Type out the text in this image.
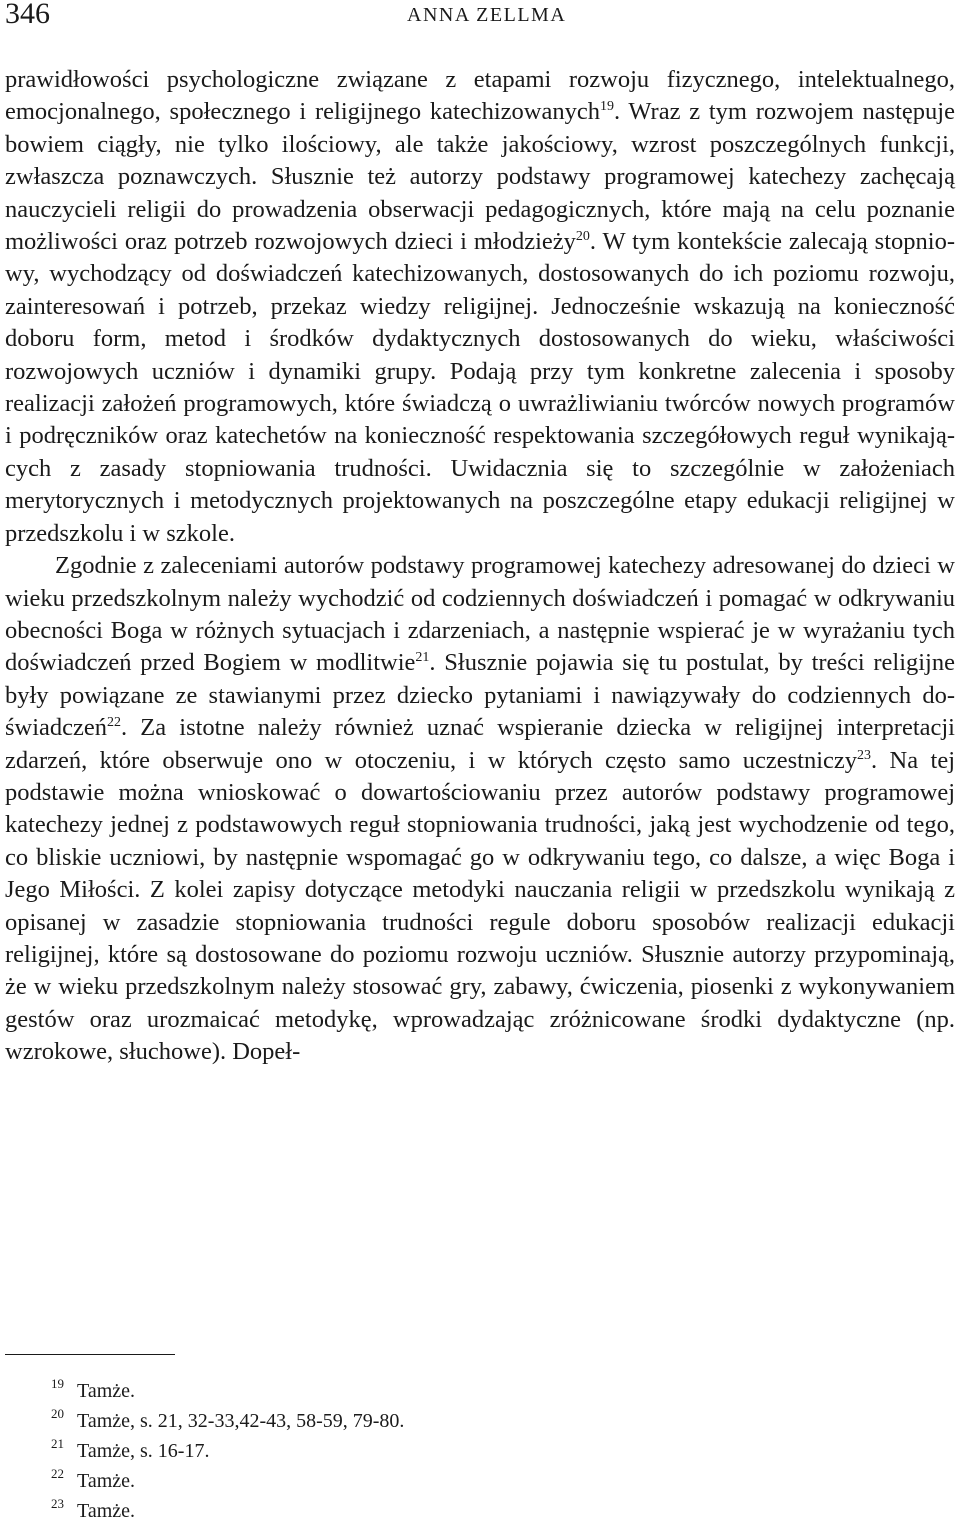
346	ANNA ZELLMA

prawidłowości psychologiczne związane z etapami rozwoju fizycznego, intelektualnego, emocjonalnego, społecznego i religijnego katechizowanych$^{19}$. Wraz z tym rozwojem następuje bowiem ciągły, nie tylko ilościowy, ale także jakościowy, wzrost poszczególnych funkcji, zwłaszcza poznawczych. Słusznie też autorzy podstawy programowej katechezy zachęcają nauczycieli religii do prowadzenia obserwacji pedagogicznych, które mają na celu poznanie możliwości oraz potrzeb rozwojowych dzieci i młodzieży$^{20}$. W tym kontekście zalecają stopniowy, wychodzący od doświadczeń katechizowanych, dostosowanych do ich poziomu rozwoju, zainteresowań i potrzeb, przekaz wiedzy religijnej. Jednocześnie wskazują na konieczność doboru form, metod i środków dydaktycznych dostosowanych do wieku, właściwości rozwojowych uczniów i dynamiki grupy. Podają przy tym konkretne zalecenia i sposoby realizacji założeń programowych, które świadczą o uwrażliwianiu twórców nowych programów i podręczników oraz katechetów na konieczność respektowania szczegółowych reguł wynikających z zasady stopniowania trudności. Uwidacznia się to szczególnie w założeniach merytorycznych i metodycznych projektowanych na poszczególne etapy edukacji religijnej w przedszkolu i w szkole.

Zgodnie z zaleceniami autorów podstawy programowej katechezy adresowanej do dzieci w wieku przedszkolnym należy wychodzić od codziennych doświadczeń i pomagać w odkrywaniu obecności Boga w różnych sytuacjach i zdarzeniach, a następnie wspierać je w wyrażaniu tych doświadczeń przed Bogiem w modlitwie$^{21}$. Słusznie pojawia się tu postulat, by treści religijne były powiązane ze stawianymi przez dziecko pytaniami i nawiązywały do codziennych doświadczeń$^{22}$. Za istotne należy również uznać wspieranie dziecka w religijnej interpretacji zdarzeń, które obserwuje ono w otoczeniu, i w których często samo uczestniczy$^{23}$. Na tej podstawie można wnioskować o dowartościowaniu przez autorów podstawy programowej katechezy jednej z podstawowych reguł stopniowania trudności, jaką jest wychodzenie od tego, co bliskie uczniowi, by następnie wspomagać go w odkrywaniu tego, co dalsze, a więc Boga i Jego Miłości. Z kolei zapisy dotyczące metodyki nauczania religii w przedszkolu wynikają z opisanej w zasadzie stopniowania trudności regule doboru sposobów realizacji edukacji religijnej, które są dostosowane do poziomu rozwoju uczniów. Słusznie autorzy przypominają, że w wieku przedszkolnym należy stosować gry, zabawy, ćwiczenia, piosenki z wykonywaniem gestów oraz urozmaicać metodykę, wprowadzając zróżnicowane środki dydaktyczne (np. wzrokowe, słuchowe). Dopeł-

19 Tamże.
20 Tamże, s. 21, 32-33,42-43, 58-59, 79-80.
21 Tamże, s. 16-17.
22 Tamże.
23 Tamże.
